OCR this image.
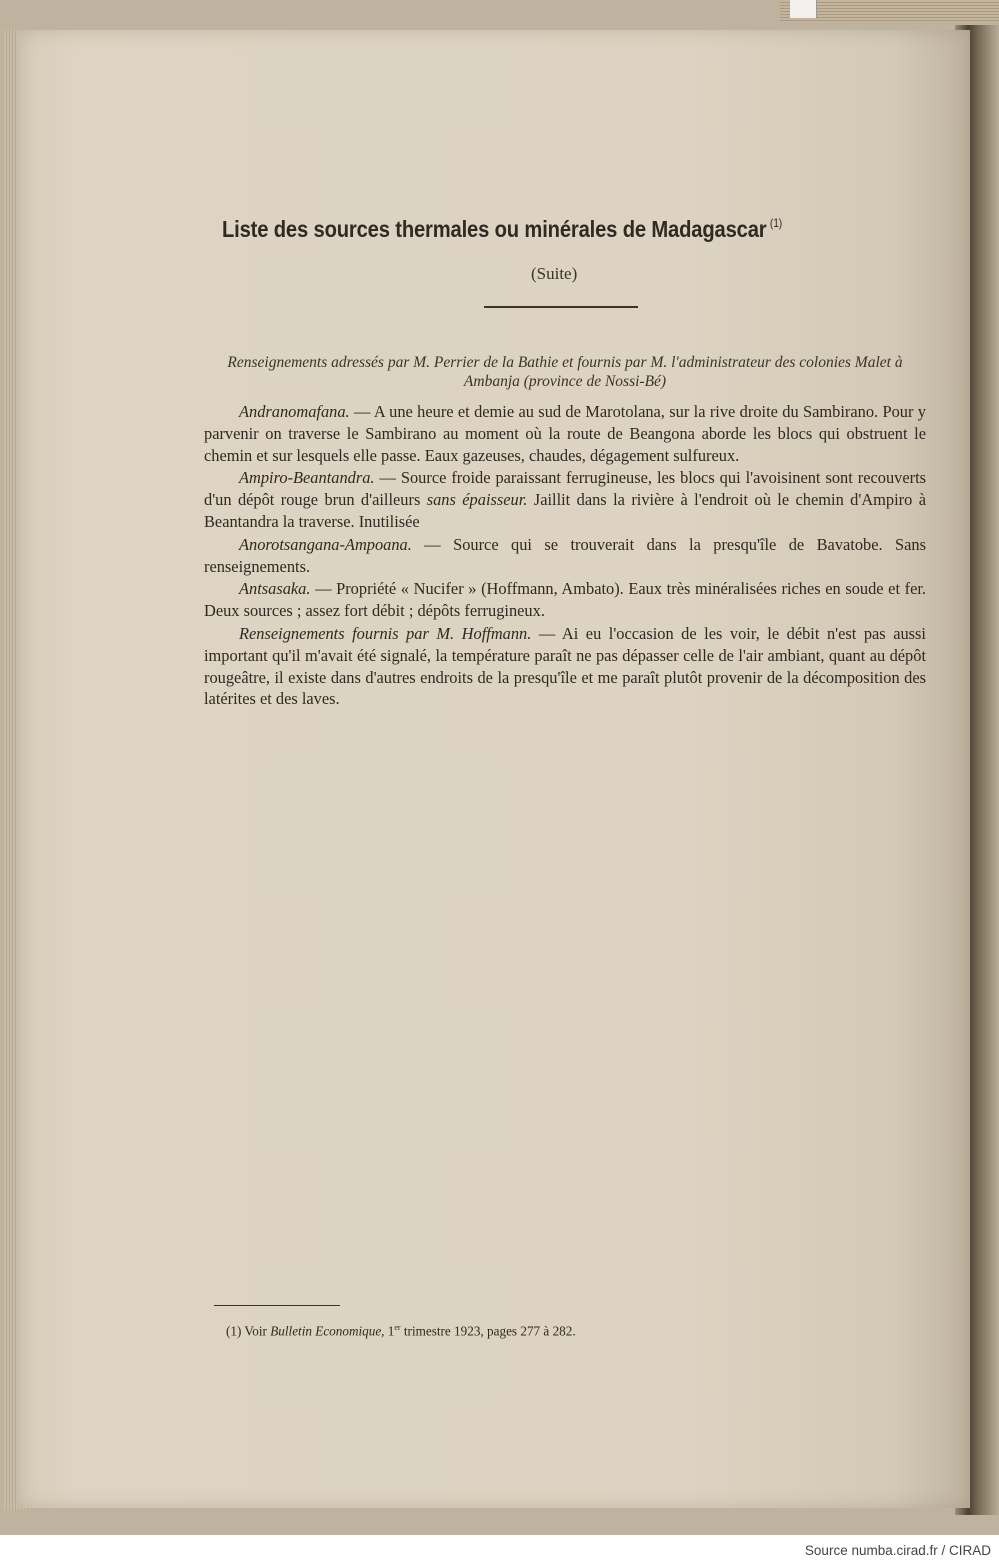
Liste des sources thermales ou minérales de Madagascar $^{(1)}$
(Suite)

Renseignements adressés par M. Perrier de la Bathie et fournis par M. l'administrateur des colonies Malet à Ambanja (province de Nossi-Bé)

Andranomafana. — A une heure et demie au sud de Marotolana, sur la rive droite du Sambirano. Pour y parvenir on traverse le Sambirano au moment où la route de Beangona aborde les blocs qui obstruent le chemin et sur lesquels elle passe. Eaux gazeuses, chaudes, dégagement sulfureux.

Ampiro-Beantandra. — Source froide paraissant ferrugineuse, les blocs qui l'avoisinent sont recouverts d'un dépôt rouge brun d'ailleurs sans épaisseur. Jaillit dans la rivière à l'endroit où le chemin d'Ampiro à Beantandra la traverse. Inutilisée

Anorotsangana-Ampoana. — Source qui se trouverait dans la presqu'île de Bavatobe. Sans renseignements.

Antsasaka. — Propriété « Nucifer » (Hoffmann, Ambato). Eaux très minéralisées riches en soude et fer. Deux sources ; assez fort débit ; dépôts ferrugineux.

Renseignements fournis par M. Hoffmann. — Ai eu l'occasion de les voir, le débit n'est pas aussi important qu'il m'avait été signalé, la température paraît ne pas dépasser celle de l'air ambiant, quant au dépôt rougeâtre, il existe dans d'autres endroits de la presqu'île et me paraît plutôt provenir de la décomposition des latérites et des laves.

(1) Voir Bulletin Economique, 1er trimestre 1923, pages 277 à 282.
Source numba.cirad.fr / CIRAD
